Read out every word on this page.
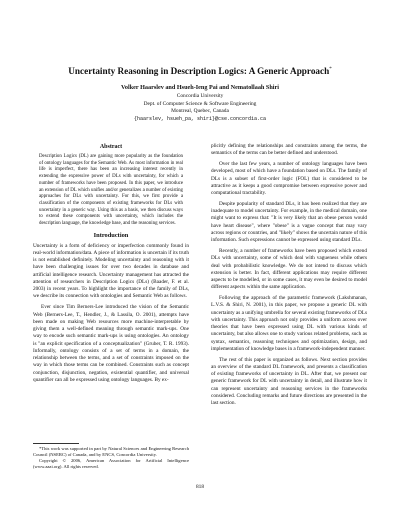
Uncertainty Reasoning in Description Logics: A Generic Approach*
Volker Haarslev and Hsueh-Ieng Pai and Nematollaah Shiri
Concordia University
Dept. of Computer Science & Software Engineering
Montreal, Quebec, Canada
{haarslev, hsueh_pa, shiri}@cse.concordia.ca
Abstract

Description Logics (DL) are gaining more popularity as the foundation of ontology languages for the Semantic Web. As most information in real life is imperfect, there has been an increasing interest recently in extending the expressive power of DLs with uncertainty, for which a number of frameworks have been proposed. In this paper, we introduce an extension of DL which unifies and/or generalizes a number of existing approaches for DLs with uncertainty. For this, we first provide a classification of the components of existing frameworks for DLs with uncertainty in a generic way. Using this as a basis, we then discuss ways to extend these components with uncertainty, which includes the description language, the knowledge base, and the reasoning services.

Introduction

Uncertainty is a form of deficiency or imperfection commonly found in real-world information/data. A piece of information is uncertain if its truth is not established definitely. Modeling uncertainty and reasoning with it have been challenging issues for over two decades in database and artificial intelligence research. Uncertainty management has attracted the attention of researchers in Description Logics (DLs) (Baader, F. et al. 2003) in recent years. To highlight the importance of the family of DLs, we describe its connection with ontologies and Semantic Web as follows.

Ever since Tim Berners-Lee introduced the vision of the Semantic Web (Berners-Lee, T., Hendler, J., & Lassila, O. 2001), attempts have been made on making Web resources more machine-interpretable by giving them a well-defined meaning through semantic mark-ups. One way to encode such semantic mark-ups is using ontologies. An ontology is "an explicit specification of a conceptualization" (Gruber, T. R. 1993). Informally, ontology consists of a set of terms in a domain, the relationship between the terms, and a set of constraints imposed on the way in which those terms can be combined. Constraints such as concept conjunction, disjunction, negation, existential quantifier, and universal quantifier can all be expressed using ontology languages. By ex-

*This work was supported in part by Natural Sciences and Engineering Research Council (NSERC) of Canada, and by ENCS, Concordia University.

Copyright © 2006, American Association for Artificial Intelligence (www.aaai.org). All rights reserved.

plicitly defining the relationships and constraints among the terms, the semantics of the terms can be better defined and understood.

Over the last few years, a number of ontology languages have been developed, most of which have a foundation based on DLs. The family of DLs is a subset of first-order logic (FOL) that is considered to be attractive as it keeps a good compromise between expressive power and computational tractability.

Despite popularity of standard DLs, it has been realized that they are inadequate to model uncertainty. For example, in the medical domain, one might want to express that: "It is very likely that an obese person would have heart disease", where "obese" is a vague concept that may vary across regions or countries, and "likely" shows the uncertain nature of this information. Such expressions cannot be expressed using standard DLs.

Recently, a number of frameworks have been proposed which extend DLs with uncertainty, some of which deal with vagueness while others deal with probabilistic knowledge. We do not intend to discuss which extension is better. In fact, different applications may require different aspects to be modelled, or in some cases, it may even be desired to model different aspects within the same application.

Following the approach of the parametric framework (Lakshmanan, L.V.S. & Shiri, N. 2001), in this paper, we propose a generic DL with uncertainty as a unifying umbrella for several existing frameworks of DLs with uncertainty. This approach not only provides a uniform access over theories that have been expressed using DL with various kinds of uncertainty, but also allows one to study various related problems, such as syntax, semantics, reasoning techniques and optimization, design, and implementation of knowledge bases in a framework-independent manner.

The rest of this paper is organized as follows. Next section provides an overview of the standard DL framework, and presents a classification of existing frameworks of uncertainty in DL. After that, we present our generic framework for DL with uncertainty in detail, and illustrate how it can represent uncertainty and reasoning services in the frameworks considered. Concluding remarks and future directions are presented in the last section.

818
